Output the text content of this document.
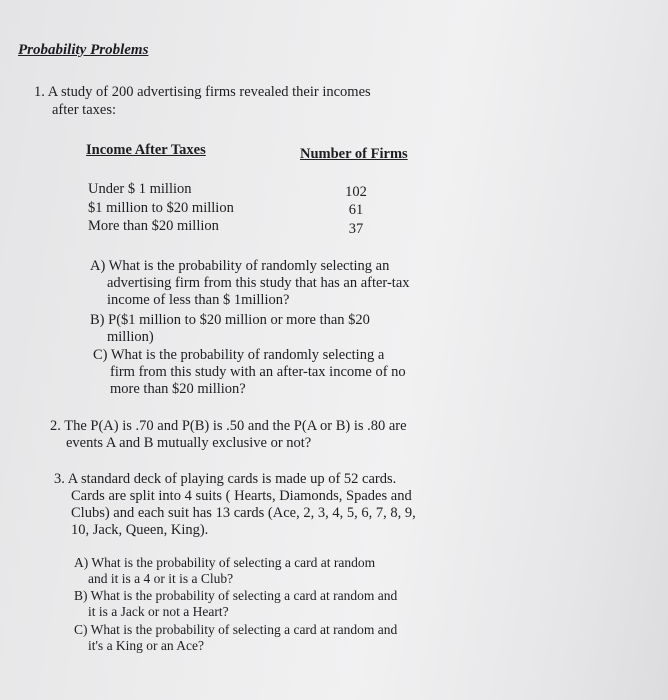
Probability Problems
1. A study of 200 advertising firms revealed their incomes
after taxes:
Income After Taxes	Number of Firms
Under $ 1 million	102
$1 million to $20 million	61
More than $20 million	37
A) What is the probability of randomly selecting an
advertising firm from this study that has an after-tax
income of less than $ 1million?
B) P($1 million to $20 million or more than $20
million)
C) What is the probability of randomly selecting a
firm from this study with an after-tax income of no
more than $20 million?
2. The P(A) is .70 and P(B) is .50 and the P(A or B) is .80 are
events A and B mutually exclusive or not?
3. A standard deck of playing cards is made up of 52 cards.
Cards are split into 4 suits ( Hearts, Diamonds, Spades and
Clubs) and each suit has 13 cards (Ace, 2, 3, 4, 5, 6, 7, 8, 9,
10, Jack, Queen, King).
A) What is the probability of selecting a card at random
and it is a 4 or it is a Club?
B) What is the probability of selecting a card at random and
it is a Jack or not a Heart?
C) What is the probability of selecting a card at random and
it's a King or an Ace?
